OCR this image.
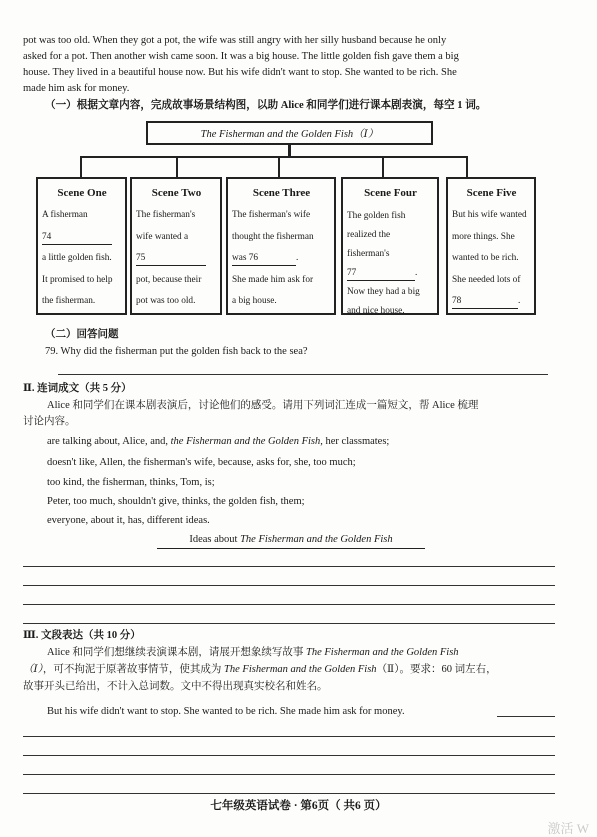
pot was too old. When they got a pot, the wife was still angry with her silly husband because he only

asked for a pot. Then another wish came soon. It was a big house. The little golden fish gave them a big

house. They lived in a beautiful house now. But his wife didn't want to stop. She wanted to be rich. She

made him ask for money.

（一）根据文章内容，完成故事场景结构图，以助 Alice 和同学们进行课本剧表演，每空 1 词。

The Fisherman and the Golden Fish（Ⅰ）
Scene One
A fisherman
74
a little golden fish.
It promised to help
the fisherman.
Scene Two
The fisherman's
wife wanted a
75
pot, because their
pot was too old.
Scene Three
The fisherman's wife
thought the fisherman
was 76	.
She made him ask for
a big house.
Scene Four
The golden fish
realized the
fisherman's
77	.
Now they had a big
and nice house.
Scene Five
But his wife wanted
more things. She
wanted to be rich.
She needed lots of
78	.

（二）回答问题

79. Why did the fisherman put the golden fish back to the sea?

Ⅱ. 连词成文（共 5 分）

Alice 和同学们在课本剧表演后，讨论他们的感受。请用下列词汇连成一篇短文，帮 Alice 梳理

讨论内容。

are talking about, Alice, and, the Fisherman and the Golden Fish, her classmates;

doesn't like, Allen, the fisherman's wife, because, asks for, she, too much;

too kind, the fisherman, thinks, Tom, is;

Peter, too much, shouldn't give, thinks, the golden fish, them;

everyone, about it, has, different ideas.

Ideas about The Fisherman and the Golden Fish

Ⅲ. 文段表达（共 10 分）

Alice 和同学们想继续表演课本剧，请展开想象续写故事 The Fisherman and the Golden Fish

（Ⅰ），可不拘泥于原著故事情节，使其成为 The Fisherman and the Golden Fish（Ⅱ）。要求：60 词左右，

故事开头已给出，不计入总词数。文中不得出现真实校名和姓名。

But his wife didn't want to stop. She wanted to be rich. She made him ask for money.

七年级英语试卷 · 第6页（ 共6 页）
激活 W
